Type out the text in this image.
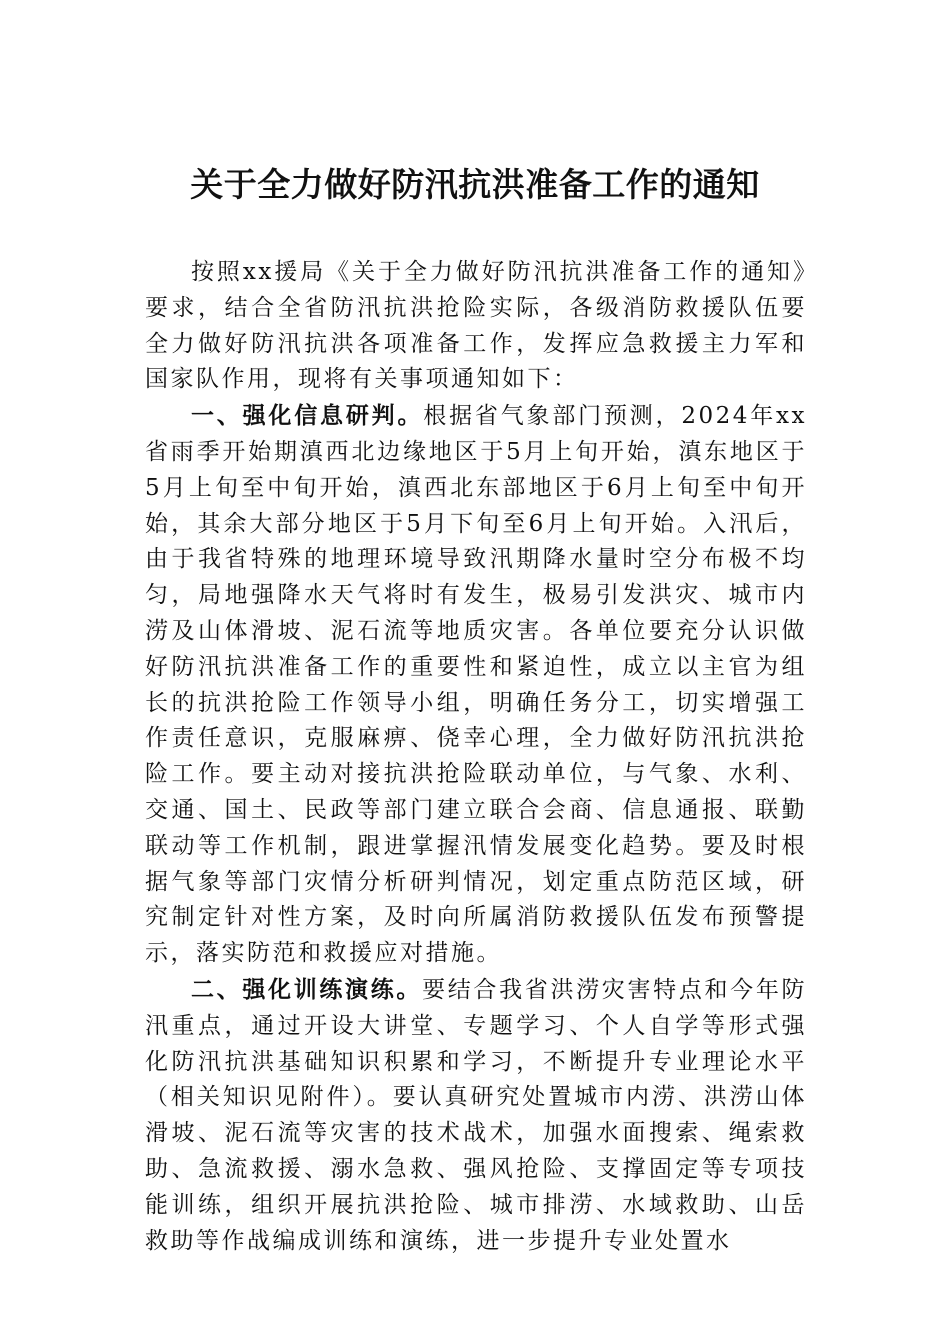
关于全力做好防汛抗洪准备工作的通知

按照xx援局《关于全力做好防汛抗洪准备工作的通知》要求，结合全省防汛抗洪抢险实际，各级消防救援队伍要全力做好防汛抗洪各项准备工作，发挥应急救援主力军和国家队作用，现将有关事项通知如下：

一、强化信息研判。根据省气象部门预测，2024年xx省雨季开始期滇西北边缘地区于5月上旬开始，滇东地区于5月上旬至中旬开始，滇西北东部地区于6月上旬至中旬开始，其余大部分地区于5月下旬至6月上旬开始。入汛后，由于我省特殊的地理环境导致汛期降水量时空分布极不均匀，局地强降水天气将时有发生，极易引发洪灾、城市内涝及山体滑坡、泥石流等地质灾害。各单位要充分认识做好防汛抗洪准备工作的重要性和紧迫性，成立以主官为组长的抗洪抢险工作领导小组，明确任务分工，切实增强工作责任意识，克服麻痹、侥幸心理，全力做好防汛抗洪抢险工作。要主动对接抗洪抢险联动单位，与气象、水利、交通、国土、民政等部门建立联合会商、信息通报、联勤联动等工作机制，跟进掌握汛情发展变化趋势。要及时根据气象等部门灾情分析研判情况，划定重点防范区域，研究制定针对性方案，及时向所属消防救援队伍发布预警提示，落实防范和救援应对措施。

二、强化训练演练。要结合我省洪涝灾害特点和今年防汛重点，通过开设大讲堂、专题学习、个人自学等形式强化防汛抗洪基础知识积累和学习，不断提升专业理论水平（相关知识见附件）。要认真研究处置城市内涝、洪涝山体滑坡、泥石流等灾害的技术战术，加强水面搜索、绳索救助、急流救援、溺水急救、强风抢险、支撑固定等专项技能训练，组织开展抗洪抢险、城市排涝、水域救助、山岳救助等作战编成训练和演练，进一步提升专业处置水
